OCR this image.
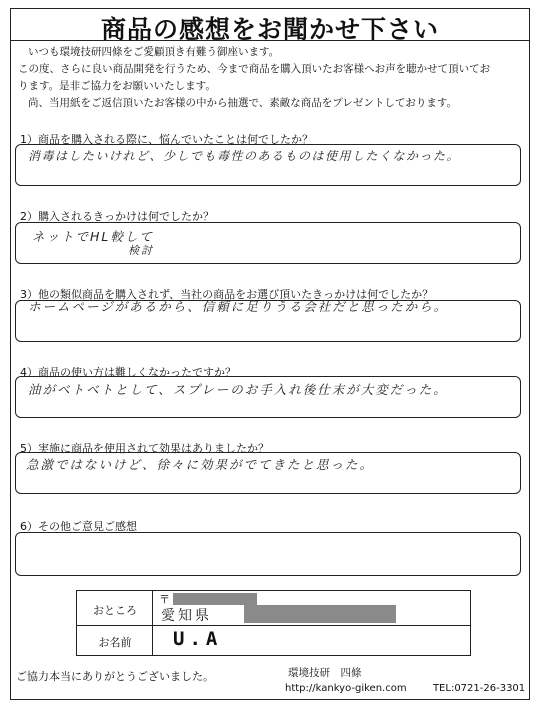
商品の感想をお聞かせ下さい
いつも環境技研四條をご愛顧頂き有難う御座います。
この度、さらに良い商品開発を行うため、今まで商品を購入頂いたお客様へお声を聴かせて頂いてお
ります。是非ご協力をお願いいたします。
尚、当用紙をご返信頂いたお客様の中から抽選で、素敵な商品をプレゼントしております。
1）商品を購入される際に、悩んでいたことは何でしたか？
消毒はしたいけれど、少しでも毒性のあるものは使用したくなかった。
2）購入されるきっかけは何でしたか？
ネットでHL較して
検討
3）他の類似商品を購入されず、当社の商品をお選び頂いたきっかけは何でしたか？
ホームページがあるから、信頼に足りうる会社だと思ったから。
4）商品の使い方は難しくなかったですか？
油がベトベトとして、スプレーのお手入れ後仕末が大変だった。
5）実施に商品を使用されて効果はありましたか？
急激ではないけど、徐々に効果がでてきたと思った。
6）その他ご意見ご感想
おところ
お名前
〒
愛知県
U.A
ご協力本当にありがとうございました。	環境技研　四條
http://kankyo-giken.com	TEL:0721-26-3301
